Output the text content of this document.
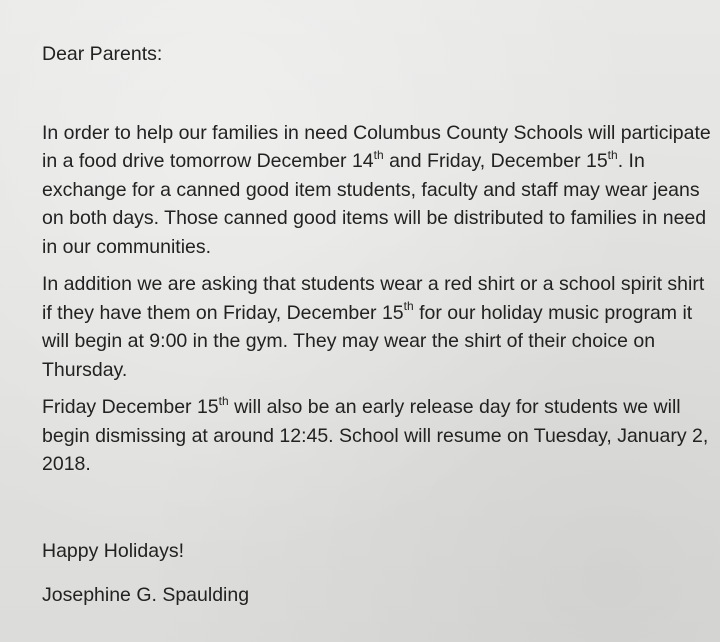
Dear Parents:

In order to help our families in need Columbus County Schools will participate in a food drive tomorrow December 14th and Friday, December 15th. In exchange for a canned good item students, faculty and staff may wear jeans on both days. Those canned good items will be distributed to families in need in our communities.

In addition we are asking that students wear a red shirt or a school spirit shirt if they have them on Friday, December 15th for our holiday music program it will begin at 9:00 in the gym. They may wear the shirt of their choice on Thursday.

Friday December 15th will also be an early release day for students we will begin dismissing at around 12:45. School will resume on Tuesday, January 2, 2018.

Happy Holidays!

Josephine G. Spaulding
